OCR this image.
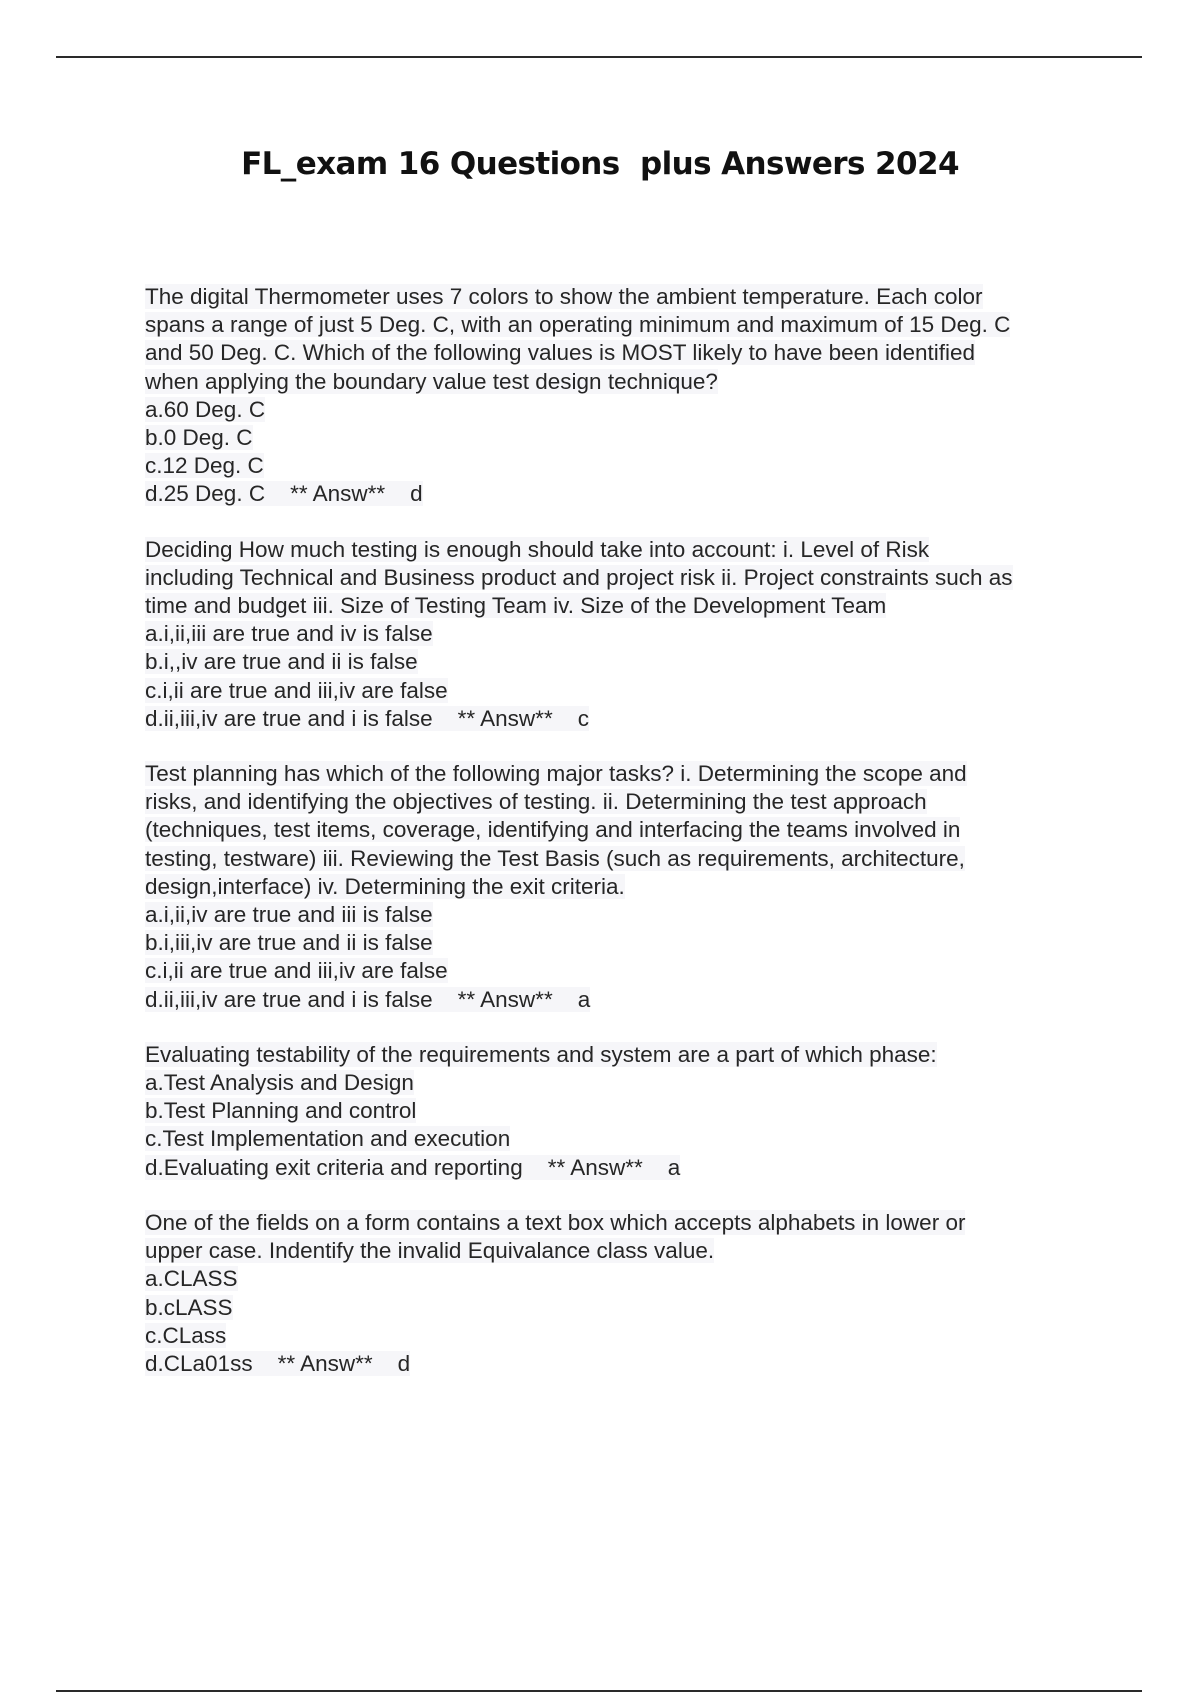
FL_exam 16 Questions  plus Answers 2024
The digital Thermometer uses 7 colors to show the ambient temperature. Each color
spans a range of just 5 Deg. C, with an operating minimum and maximum of 15 Deg. C
and 50 Deg. C. Which of the following values is MOST likely to have been identified
when applying the boundary value test design technique?
a.60 Deg. C
b.0 Deg. C
c.12 Deg. C
d.25 Deg. C ** Answ**    d
Deciding How much testing is enough should take into account: i. Level of Risk
including Technical and Business product and project risk ii. Project constraints such as
time and budget iii. Size of Testing Team iv. Size of the Development Team
a.i,ii,iii are true and iv is false
b.i,,iv are true and ii is false
c.i,ii are true and iii,iv are false
d.ii,iii,iv are true and i is false ** Answ**    c
Test planning has which of the following major tasks? i. Determining the scope and
risks, and identifying the objectives of testing. ii. Determining the test approach
(techniques, test items, coverage, identifying and interfacing the teams involved in
testing, testware) iii. Reviewing the Test Basis (such as requirements, architecture,
design,interface) iv. Determining the exit criteria.
a.i,ii,iv are true and iii is false
b.i,iii,iv are true and ii is false
c.i,ii are true and iii,iv are false
d.ii,iii,iv are true and i is false ** Answ**    a
Evaluating testability of the requirements and system are a part of which phase:
a.Test Analysis and Design
b.Test Planning and control
c.Test Implementation and execution
d.Evaluating exit criteria and reporting ** Answ**    a
One of the fields on a form contains a text box which accepts alphabets in lower or
upper case. Indentify the invalid Equivalance class value.
a.CLASS
b.cLASS
c.CLass
d.CLa01ss ** Answ**    d
